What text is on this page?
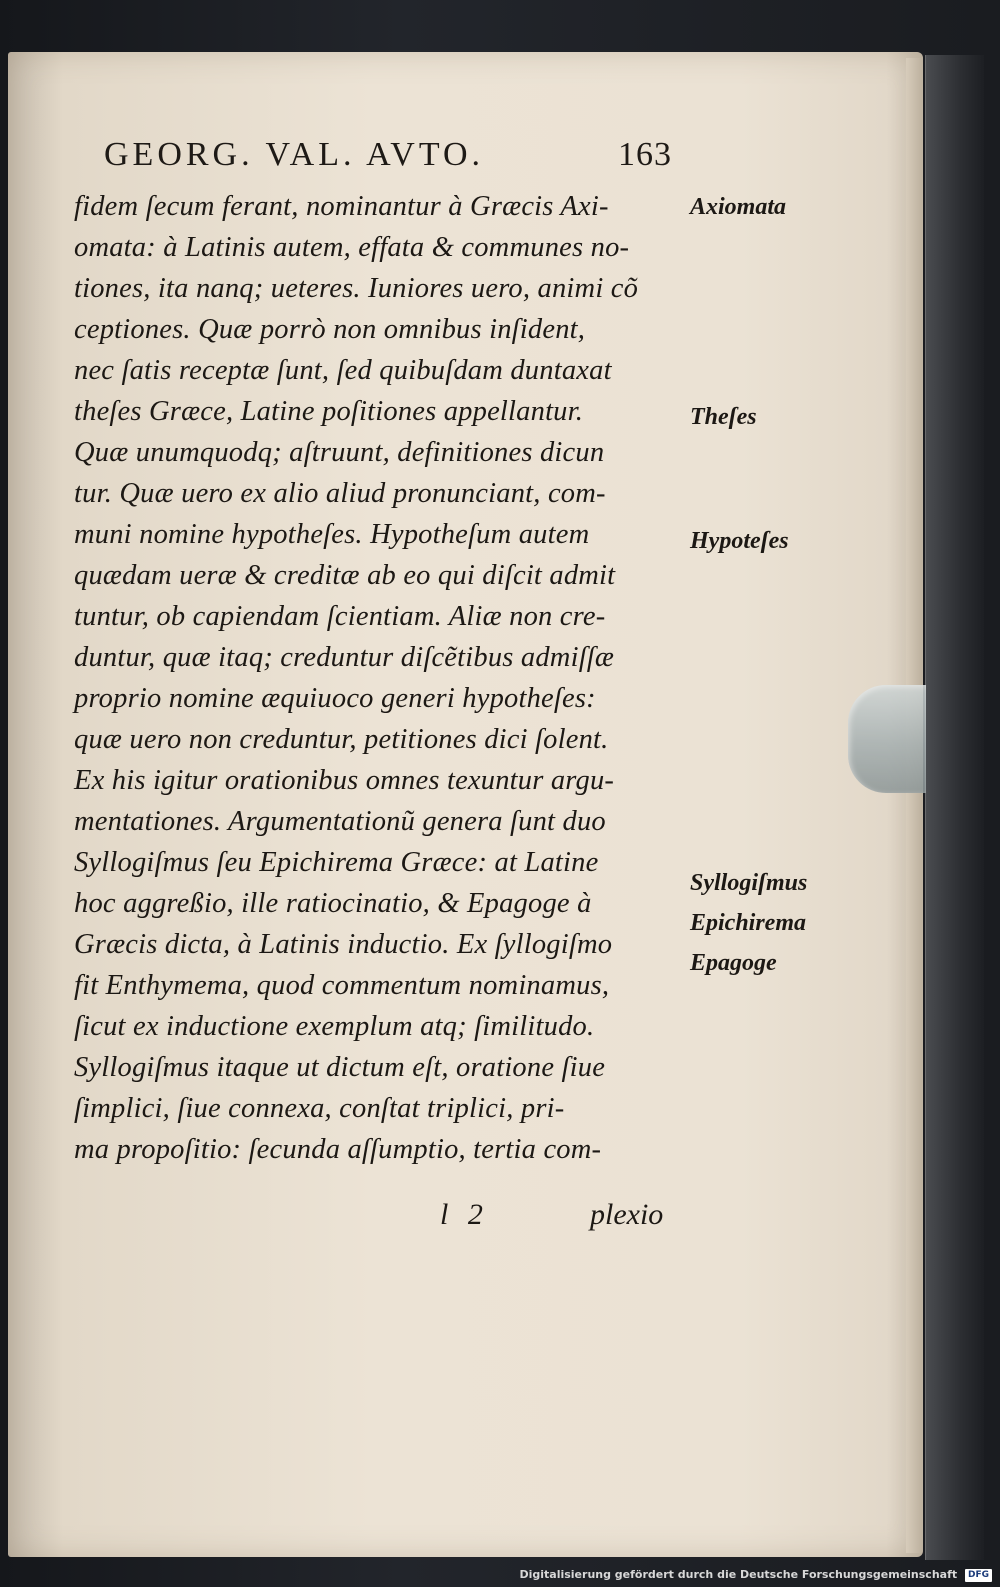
GEORG. VAL. AVTO.	163
fidem ſecum ferant, nominantur à Græcis Axi-
omata: à Latinis autem, effata & communes no-
tiones, ita nanq; ueteres. Iuniores uero, animi cõ
ceptiones. Quæ porrò non omnibus inſident,
nec ſatis receptæ ſunt, ſed quibuſdam duntaxat
theſes Græce, Latine poſitiones appellantur.
Quæ unumquodq; aſtruunt, definitiones dicun
tur. Quæ uero ex alio aliud pronunciant, com-
muni nomine hypotheſes. Hypotheſum autem
quædam ueræ & creditæ ab eo qui diſcit admit
tuntur, ob capiendam ſcientiam. Aliæ non cre-
duntur, quæ itaq; creduntur diſcẽtibus admiſſæ
proprio nomine æquiuoco generi hypotheſes:
quæ uero non creduntur, petitiones dici ſolent.
Ex his igitur orationibus omnes texuntur argu-
mentationes. Argumentationũ genera ſunt duo
Syllogiſmus ſeu Epichirema Græce: at Latine
hoc aggreßio, ille ratiocinatio, & Epagoge à
Græcis dicta, à Latinis inductio. Ex ſyllogiſmo
fit Enthymema, quod commentum nominamus,
ſicut ex inductione exemplum atq; ſimilitudo.
Syllogiſmus itaque ut dictum eſt, oratione ſiue
ſimplici, ſiue connexa, conſtat triplici, pri-
ma propoſitio: ſecunda aſſumptio, tertia com-
Axiomata
Theſes
Hypoteſes
Syllogiſmus
Epichirema
Epagoge
l 2	plexio
Digitalisierung gefördert durch die Deutsche Forschungsgemeinschaft DFG
